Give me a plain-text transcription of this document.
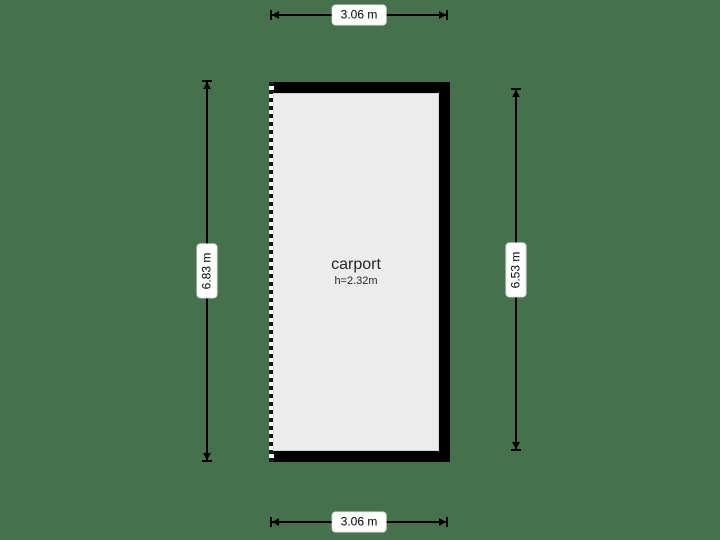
carport
h=2.32m
3.06 m
3.06 m
6.83 m	6.53 m
